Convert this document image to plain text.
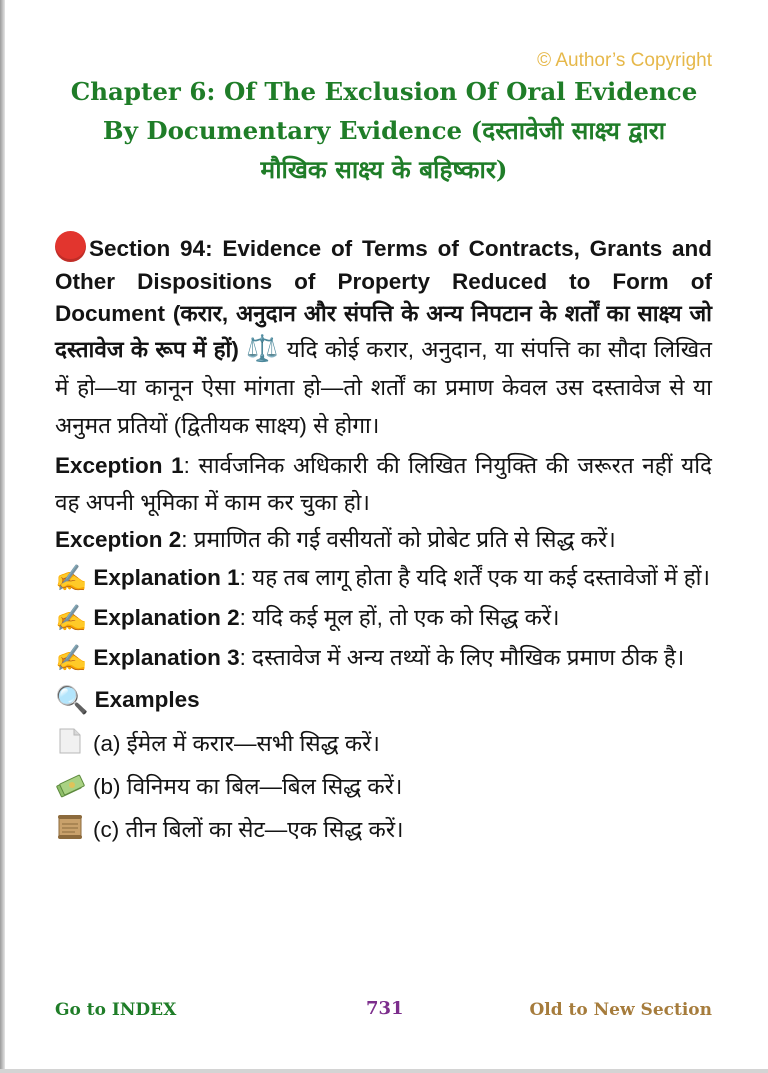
© Author’s Copyright
Chapter 6: Of The Exclusion Of Oral Evidence
By Documentary Evidence (दस्तावेजी साक्ष्य द्वारा
मौखिक साक्ष्य के बहिष्कार)

Section 94: Evidence of Terms of Contracts, Grants and Other Dispositions of Property Reduced to Form of Document (करार, अनुदान और संपत्ति के अन्य निपटान के शर्तों का साक्ष्य जो दस्तावेज के रूप में हों) ⚖️ यदि कोई करार, अनुदान, या संपत्ति का सौदा लिखित में हो—या कानून ऐसा मांगता हो—तो शर्तों का प्रमाण केवल उस दस्तावेज से या अनुमत प्रतियों (द्वितीयक साक्ष्य) से होगा।

Exception 1: सार्वजनिक अधिकारी की लिखित नियुक्ति की जरूरत नहीं यदि वह अपनी भूमिका में काम कर चुका हो।

Exception 2: प्रमाणित की गई वसीयतों को प्रोबेट प्रति से सिद्ध करें।

✍️ Explanation 1: यह तब लागू होता है यदि शर्तें एक या कई दस्तावेजों में हों।

✍️ Explanation 2: यदि कई मूल हों, तो एक को सिद्ध करें।

✍️ Explanation 3: दस्तावेज में अन्य तथ्यों के लिए मौखिक प्रमाण ठीक है।

🔍 Examples

(a) ईमेल में करार—सभी सिद्ध करें।

(b) विनिमय का बिल—बिल सिद्ध करें।

(c) तीन बिलों का सेट—एक सिद्ध करें।

Go to INDEX	731	Old to New Section
